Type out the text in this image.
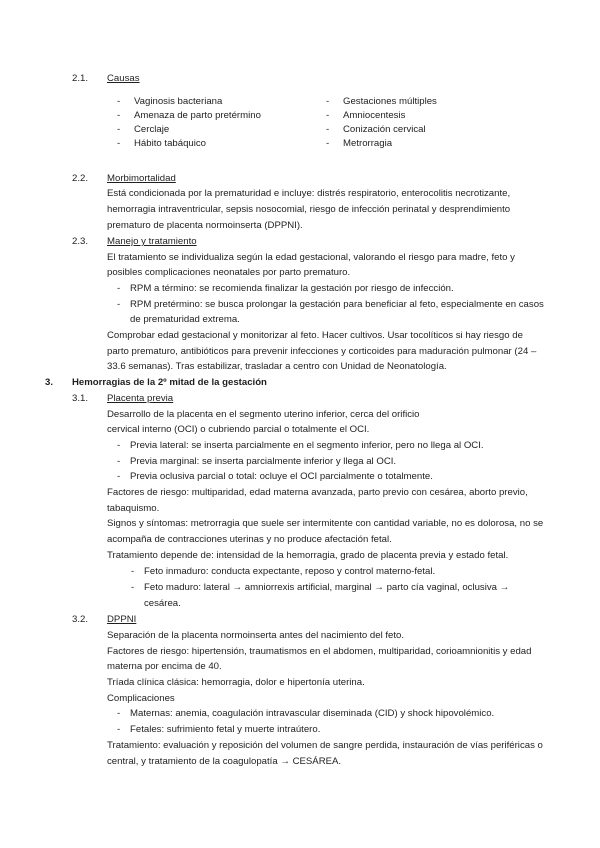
2.1. Causas
- Vaginosis bacteriana
- Amenaza de parto pretérmino
- Cerclaje
- Hábito tabáquico
- Gestaciones múltiples
- Amniocentesis
- Conización cervical
- Metrorragia
2.2. Morbimortalidad
Está condicionada por la prematuridad e incluye: distrés respiratorio, enterocolitis necrotizante,
hemorragia intraventricular, sepsis nosocomial, riesgo de infección perinatal y desprendimiento
prematuro de placenta normoinserta (DPPNI).
2.3. Manejo y tratamiento
El tratamiento se individualiza según la edad gestacional, valorando el riesgo para madre, feto y
posibles complicaciones neonatales por parto prematuro.
- RPM a término: se recomienda finalizar la gestación por riesgo de infección.
- RPM pretérmino: se busca prolongar la gestación para beneficiar al feto, especialmente en casos
de prematuridad extrema.
Comprobar edad gestacional y monitorizar al feto. Hacer cultivos. Usar tocolíticos si hay riesgo de
parto prematuro, antibióticos para prevenir infecciones y corticoides para maduración pulmonar (24 –
33.6 semanas). Tras estabilizar, trasladar a centro con Unidad de Neonatología.
3. Hemorragias de la 2º mitad de la gestación
3.1. Placenta previa
Desarrollo de la placenta en el segmento uterino inferior, cerca del orificio
cervical interno (OCI) o cubriendo parcial o totalmente el OCI.
- Previa lateral: se inserta parcialmente en el segmento inferior, pero no llega al OCI.
- Previa marginal: se inserta parcialmente inferior y llega al OCI.
- Previa oclusiva parcial o total: ocluye el OCI parcialmente o totalmente.
Factores de riesgo: multiparidad, edad materna avanzada, parto previo con cesárea, aborto previo,
tabaquismo.
Signos y síntomas: metrorragia que suele ser intermitente con cantidad variable, no es dolorosa, no se
acompaña de contracciones uterinas y no produce afectación fetal.
Tratamiento depende de: intensidad de la hemorragia, grado de placenta previa y estado fetal.
- Feto inmaduro: conducta expectante, reposo y control materno-fetal.
- Feto maduro: lateral → amniorrexis artificial, marginal → parto cía vaginal, oclusiva →
cesárea.
3.2. DPPNI
Separación de la placenta normoinserta antes del nacimiento del feto.
Factores de riesgo: hipertensión, traumatismos en el abdomen, multiparidad, corioamnionitis y edad
materna por encima de 40.
Tríada clínica clásica: hemorragia, dolor e hipertonía uterina.
Complicaciones
- Maternas: anemia, coagulación intravascular diseminada (CID) y shock hipovolémico.
- Fetales: sufrimiento fetal y muerte intraútero.
Tratamiento: evaluación y reposición del volumen de sangre perdida, instauración de vías periféricas o
central, y tratamiento de la coagulopatía → CESÁREA.
